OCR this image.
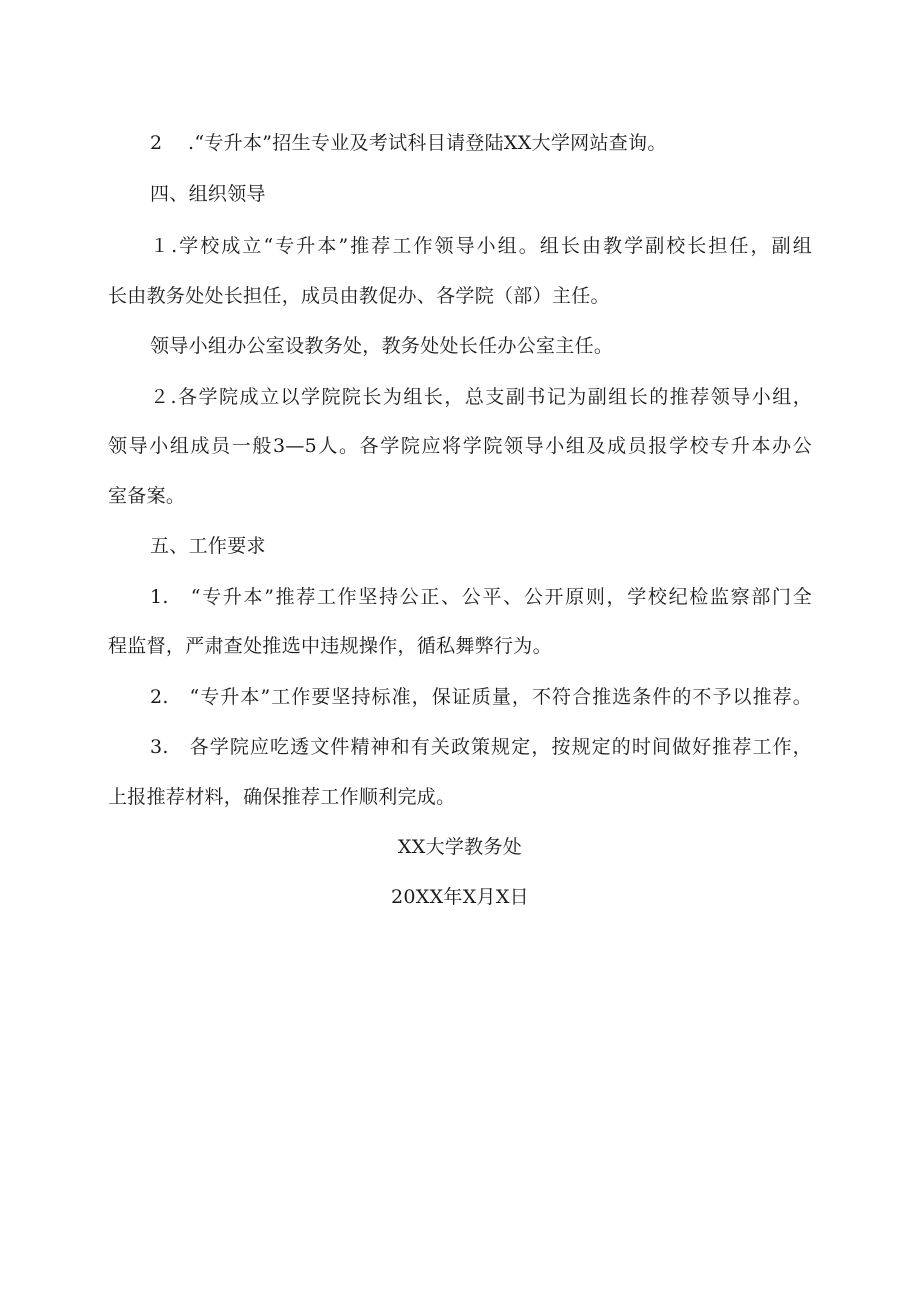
2　 .“专升本”招生专业及考试科目请登陆XX大学网站查询。
四、组织领导
１.学校成立“专升本”推荐工作领导小组。组长由教学副校长担任，副组
长由教务处处长担任，成员由教促办、各学院（部）主任。
领导小组办公室设教务处，教务处处长任办公室主任。
２.各学院成立以学院院长为组长，总支副书记为副组长的推荐领导小组，
领导小组成员一般3—5人。各学院应将学院领导小组及成员报学校专升本办公
室备案。
五、工作要求
1.　“专升本”推荐工作坚持公正、公平、公开原则，学校纪检监察部门全
程监督，严肃查处推选中违规操作，循私舞弊行为。
2.　“专升本”工作要坚持标准，保证质量，不符合推选条件的不予以推荐。
3.　各学院应吃透文件精神和有关政策规定，按规定的时间做好推荐工作，
上报推荐材料，确保推荐工作顺利完成。
XX大学教务处
20XX年X月X日
